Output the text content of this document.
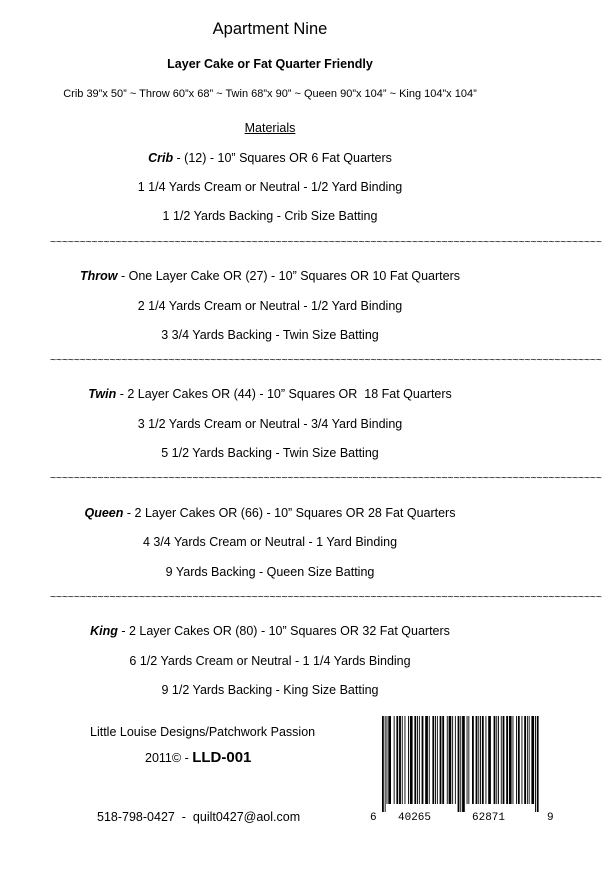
Apartment Nine
Layer Cake or Fat Quarter Friendly
Crib 39”x 50” ~ Throw 60”x 68” ~ Twin 68”x 90” ~ Queen 90”x 104” ~ King 104”x 104”
Materials
Crib - (12) - 10” Squares OR 6 Fat Quarters
1 1/4 Yards Cream or Neutral - 1/2 Yard Binding
1 1/2 Yards Backing - Crib Size Batting
~~~~~~~~~~~~~~~~~~~~~~~~~~~~~~~~~~~~~~~~~~~~~~~~~~~~~~~~~~~~~~~~~~~~~~~~~~~~~~~~~~~~~~~~~~~~~
Throw - One Layer Cake OR (27) - 10” Squares OR 10 Fat Quarters
2 1/4 Yards Cream or Neutral - 1/2 Yard Binding
3 3/4 Yards Backing - Twin Size Batting
~~~~~~~~~~~~~~~~~~~~~~~~~~~~~~~~~~~~~~~~~~~~~~~~~~~~~~~~~~~~~~~~~~~~~~~~~~~~~~~~~~~~~~~~~~~~~
Twin - 2 Layer Cakes OR (44) - 10” Squares OR  18 Fat Quarters
3 1/2 Yards Cream or Neutral - 3/4 Yard Binding
5 1/2 Yards Backing - Twin Size Batting
~~~~~~~~~~~~~~~~~~~~~~~~~~~~~~~~~~~~~~~~~~~~~~~~~~~~~~~~~~~~~~~~~~~~~~~~~~~~~~~~~~~~~~~~~~~~~
Queen - 2 Layer Cakes OR (66) - 10” Squares OR 28 Fat Quarters
4 3/4 Yards Cream or Neutral - 1 Yard Binding
9 Yards Backing - Queen Size Batting
~~~~~~~~~~~~~~~~~~~~~~~~~~~~~~~~~~~~~~~~~~~~~~~~~~~~~~~~~~~~~~~~~~~~~~~~~~~~~~~~~~~~~~~~~~~~~
King - 2 Layer Cakes OR (80) - 10” Squares OR 32 Fat Quarters
6 1/2 Yards Cream or Neutral - 1 1/4 Yards Binding
9 1/2 Yards Backing - King Size Batting
Little Louise Designs/Patchwork Passion
2011© - LLD-001
518-798-0427  -  quilt0427@aol.com	6 40265	62871	9
